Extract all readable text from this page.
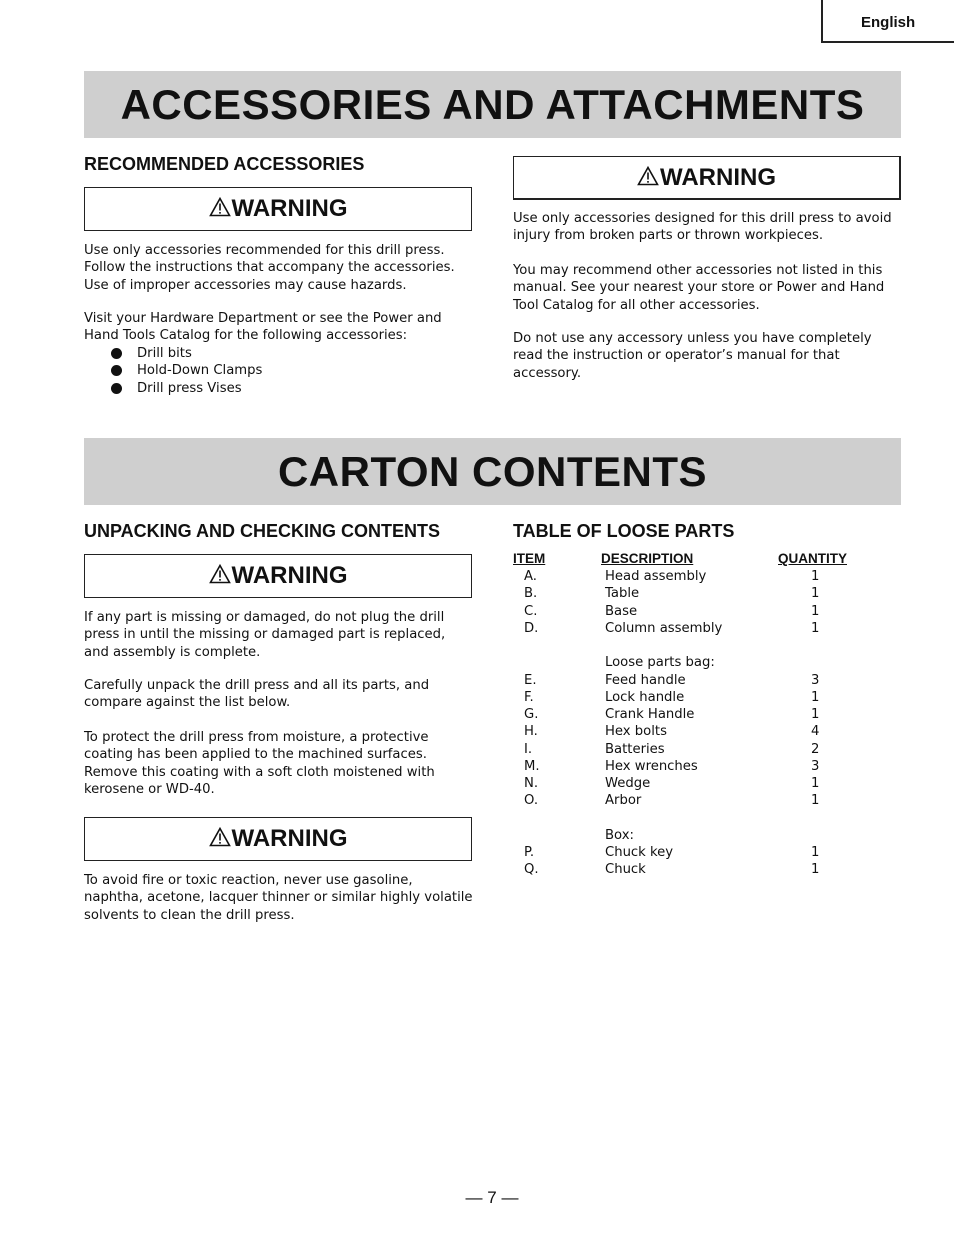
English
ACCESSORIES AND ATTACHMENTS
RECOMMENDED ACCESSORIES
WARNING

Use only accessories recommended for this drill press.
Follow the instructions that accompany the accessories.
Use of improper accessories may cause hazards.

Visit your Hardware Department or see the Power and
Hand Tools Catalog for the following accessories:

Drill bits
Hold-Down Clamps
Drill press Vises
WARNING

Use only accessories designed for this drill press to avoid
injury from broken parts or thrown workpieces.

You may recommend other accessories not listed in this
manual. See your nearest your store or Power and Hand
Tool Catalog for all other accessories.

Do not use any accessory unless you have completely
read the instruction or operator’s manual for that
accessory.

CARTON CONTENTS
UNPACKING AND CHECKING CONTENTS
WARNING

If any part is missing or damaged, do not plug the drill
press in until the missing or damaged part is replaced,
and assembly is complete.

Carefully unpack the drill press and all its parts, and
compare against the list below.

To protect the drill press from moisture, a protective
coating has been applied to the machined surfaces.
Remove this coating with a soft cloth moistened with
kerosene or WD-40.

WARNING

To avoid fire or toxic reaction, never use gasoline,
naphtha, acetone, lacquer thinner or similar highly volatile
solvents to clean the drill press.

TABLE OF LOOSE PARTS
ITEM	DESCRIPTION	QUANTITY
A.	Head assembly	1
B.	Table	1
C.	Base	1
D.	Column assembly	1
Loose parts bag:
E.	Feed handle	3
F.	Lock handle	1
G.	Crank Handle	1
H.	Hex bolts	4
I.	Batteries	2
M.	Hex wrenches	3
N.	Wedge	1
O.	Arbor	1
Box:
P.	Chuck key	1
Q.	Chuck	1
— 7 —
